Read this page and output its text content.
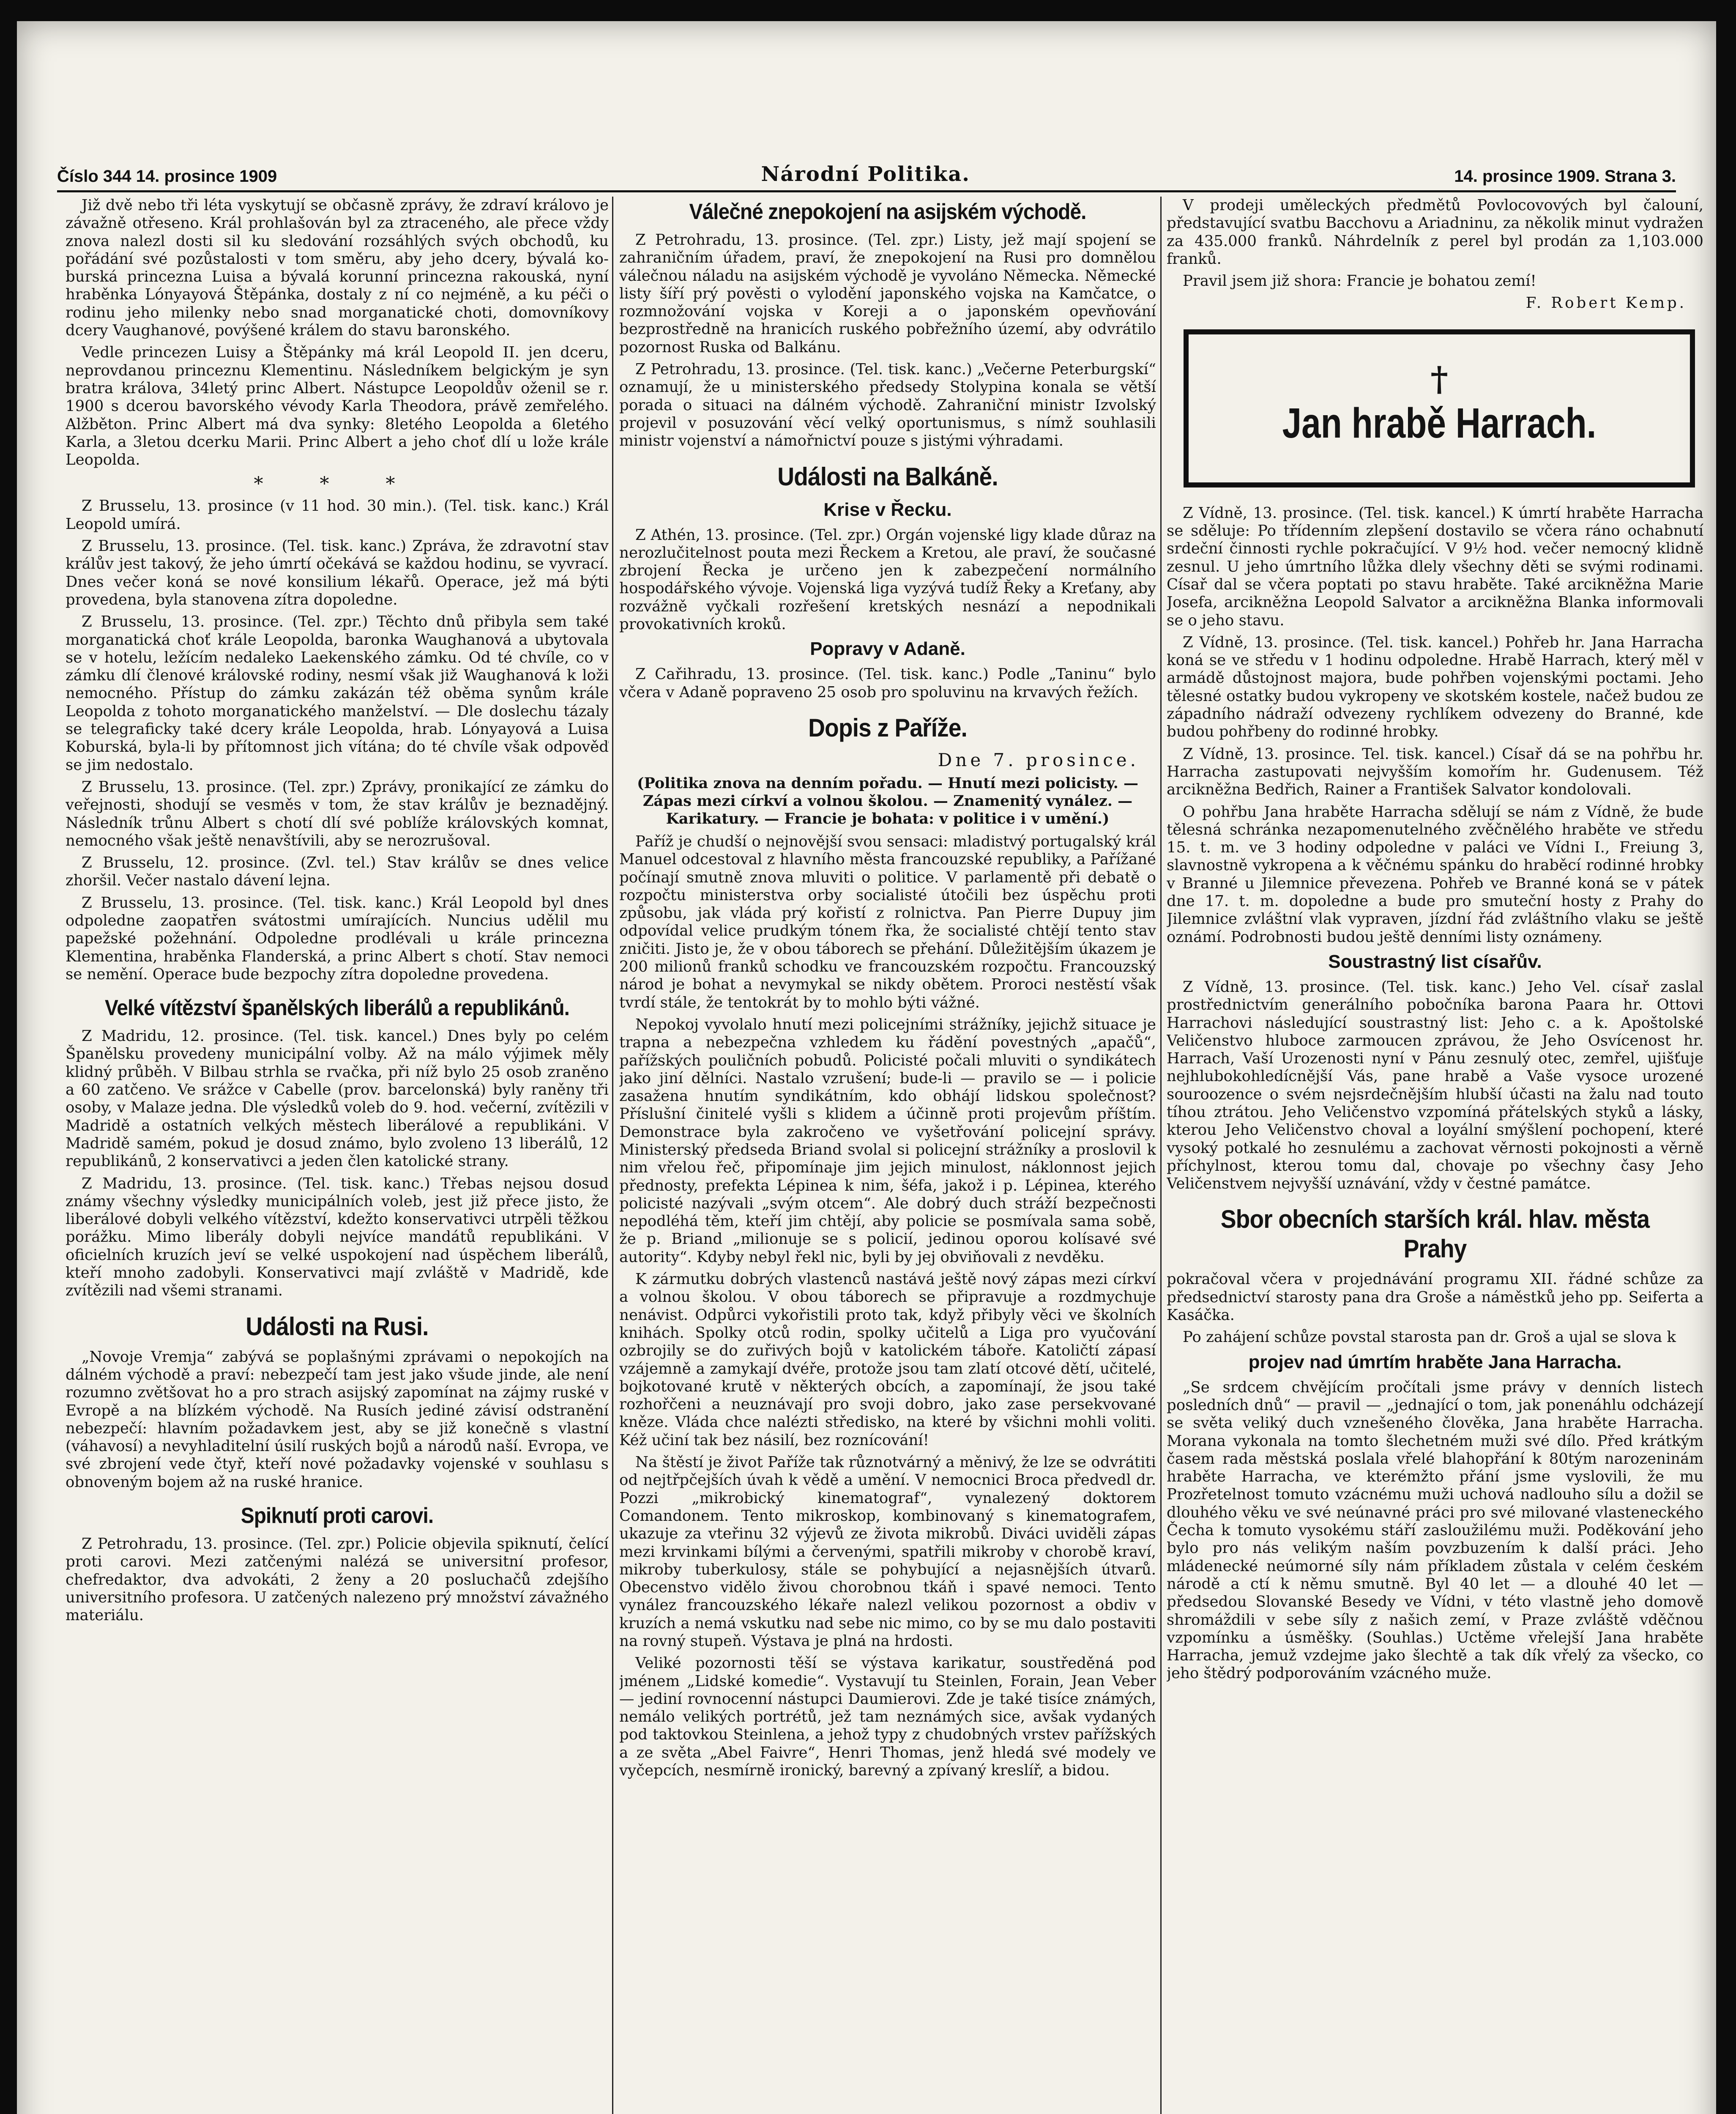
Číslo 344 14. prosince 1909	Národní Politika.	14. prosince 1909. Strana 3.

Již dvě nebo tři léta vyskytují se občasně zprávy, že zdraví královo je závažně otřeseno. Král prohlašován byl za ztraceného, ale přece vždy znova nalezl dosti sil ku sledování rozsáhlých svých obchodů, ku pořádání své pozůstalosti v tom směru, aby jeho dcery, bývalá koburská princezna Luisa a bývalá korunní princezna rakouská, nyní hraběnka Lónyayová Štěpánka, dostaly z ní co nejméně, a ku péči o rodinu jeho milenky nebo snad morganatické choti, domovníkovy dcery Vaughanové, povýšené králem do stavu baronského.

Vedle princezen Luisy a Štěpánky má král Leopold II. jen dceru, neprovdanou princeznu Klementinu. Následníkem belgickým je syn bratra králova, 34letý princ Albert. Nástupce Leopoldův oženil se r. 1900 s dcerou bavorského vévody Karla Theodora, právě zemřelého. Alžběton. Princ Albert má dva synky: 8letého Leopolda a 6letého Karla, a 3letou dcerku Marii. Princ Albert a jeho choť dlí u lože krále Leopolda.

* * *

Z Brusselu, 13. prosince (v 11 hod. 30 min.). (Tel. tisk. kanc.) Král Leopold umírá.

Z Brusselu, 13. prosince. (Tel. tisk. kanc.) Zpráva, že zdravotní stav králův jest takový, že jeho úmrtí očekává se každou hodinu, se vyvrací. Dnes večer koná se nové konsilium lékařů. Operace, jež má býti provedena, byla stanovena zítra dopoledne.

Z Brusselu, 13. prosince. (Tel. zpr.) Těchto dnů přibyla sem také morganatická choť krále Leopolda, baronka Waughanová a ubytovala se v hotelu, ležícím nedaleko Laekenského zámku. Od té chvíle, co v zámku dlí členové královské rodiny, nesmí však již Waughanová k loži nemocného. Přístup do zámku zakázán též oběma synům krále Leopolda z tohoto morganatického manželství. — Dle doslechu tázaly se telegraficky také dcery krále Leopolda, hrab. Lónyayová a Luisa Koburská, byla-li by přítomnost jich vítána; do té chvíle však odpověď se jim nedostalo.

Z Brusselu, 13. prosince. (Tel. zpr.) Zprávy, pronikající ze zámku do veřejnosti, shodují se vesměs v tom, že stav králův je beznadějný. Následník trůnu Albert s chotí dlí své poblíže královských komnat, nemocného však ještě nenavštívili, aby se nerozrušoval.

Z Brusselu, 12. prosince. (Zvl. tel.) Stav králův se dnes velice zhoršil. Večer nastalo dávení lejna.

Z Brusselu, 13. prosince. (Tel. tisk. kanc.) Král Leopold byl dnes odpoledne zaopatřen svátostmi umírajících. Nuncius udělil mu papežské požehnání. Odpoledne prodlévali u krále princezna Klementina, hraběnka Flanderská, a princ Albert s chotí. Stav nemoci se nemění. Operace bude bezpochy zítra dopoledne provedena.

Velké vítězství španělských liberálů a republikánů.

Z Madridu, 12. prosince. (Tel. tisk. kancel.) Dnes byly po celém Španělsku provedeny municipální volby. Až na málo výjimek měly klidný průběh. V Bilbau strhla se rvačka, při níž bylo 25 osob zraněno a 60 zatčeno. Ve srážce v Cabelle (prov. barcelonská) byly raněny tři osoby, v Malaze jedna. Dle výsledků voleb do 9. hod. večerní, zvítězili v Madridě a ostatních velkých městech liberálové a republikáni. V Madridě samém, pokud je dosud známo, bylo zvoleno 13 liberálů, 12 republikánů, 2 konservativci a jeden člen katolické strany.

Z Madridu, 13. prosince. (Tel. tisk. kanc.) Třebas nejsou dosud známy všechny výsledky municipálních voleb, jest již přece jisto, že liberálové dobyli velkého vítězství, kdežto konservativci utrpěli těžkou porážku. Mimo liberály dobyli nejvíce mandátů republikáni. V oficielních kruzích jeví se velké uspokojení nad úspěchem liberálů, kteří mnoho zadobyli. Konservativci mají zvláště v Madridě, kde zvítězili nad všemi stranami.

Události na Rusi.

„Novoje Vremja“ zabývá se poplašnými zprávami o nepokojích na dálném východě a praví: nebezpečí tam jest jako všude jinde, ale není rozumno zvětšovat ho a pro strach asijský zapomínat na zájmy ruské v Evropě a na blízkém východě. Na Rusích jediné závisí odstranění nebezpečí: hlavním požadavkem jest, aby se již konečně s vlastní (váhavosí) a nevyhladitelní úsilí ruských bojů a národů naší. Evropa, ve své zbrojení vede čtyř, kteří nové požadavky vojenské v souhlasu s obnoveným bojem až na ruské hranice.

Spiknutí proti carovi.

Z Petrohradu, 13. prosince. (Tel. zpr.) Policie objevila spiknutí, čelící proti carovi. Mezi zatčenými nalézá se universitní profesor, chefredaktor, dva advokáti, 2 ženy a 20 posluchačů zdejšího universitního profesora. U zatčených nalezeno prý množství závažného materiálu.

Válečné znepokojení na asijském východě.

Z Petrohradu, 13. prosince. (Tel. zpr.) Listy, jež mají spojení se zahraničním úřadem, praví, že znepokojení na Rusi pro domnělou válečnou náladu na asijském východě je vyvoláno Německa. Německé listy šíří prý pověsti o vylodění japonského vojska na Kamčatce, o rozmnožování vojska v Koreji a o japonském opevňování bezprostředně na hranicích ruského pobřežního území, aby odvrátilo pozornost Ruska od Balkánu.

Z Petrohradu, 13. prosince. (Tel. tisk. kanc.) „Večerne Peterburgskí“ oznamují, že u ministerského předsedy Stolypina konala se větší porada o situaci na dálném východě. Zahraniční ministr Izvolský projevil v posuzování věcí velký oportunismus, s nímž souhlasili ministr vojenství a námořnictví pouze s jistými výhradami.

Události na Balkáně.
Krise v Řecku.

Z Athén, 13. prosince. (Tel. zpr.) Orgán vojenské ligy klade důraz na nerozlučitelnost pouta mezi Řeckem a Kretou, ale praví, že současné zbrojení Řecka je určeno jen k zabezpečení normálního hospodářského vývoje. Vojenská liga vyzývá tudíž Řeky a Kreťany, aby rozvážně vyčkali rozřešení kretských nesnází a nepodnikali provokativních kroků.

Popravy v Adaně.

Z Cařihradu, 13. prosince. (Tel. tisk. kanc.) Podle „Taninu“ bylo včera v Adaně popraveno 25 osob pro spoluvinu na krvavých řežích.

Dopis z Paříže.
Dne 7. prosince.
(Politika znova na denním pořadu. — Hnutí mezi policisty. — Zápas mezi církví a volnou školou. — Znamenitý vynález. — Karikatury. — Francie je bohata: v politice i v umění.)

Paříž je chudší o nejnovější svou sensaci: mladistvý portugalský král Manuel odcestoval z hlavního města francouzské republiky, a Pařížané počínají smutně znova mluviti o politice. V parlamentě při debatě o rozpočtu ministerstva orby socialisté útočili bez úspěchu proti způsobu, jak vláda prý kořistí z rolnictva. Pan Pierre Dupuy jim odpovídal velice prudkým tónem řka, že socialisté chtějí tento stav zničiti. Jisto je, že v obou táborech se přehání. Důležitějším úkazem je 200 milionů franků schodku ve francouzském rozpočtu. Francouzský národ je bohat a nevymykal se nikdy obětem. Proroci nestěstí však tvrdí stále, že tentokrát by to mohlo býti vážné.

Nepokoj vyvolalo hnutí mezi policejními strážníky, jejichž situace je trapna a nebezpečna vzhledem ku řádění povestných „apačů“, pařížských pouličních pobudů. Policisté počali mluviti o syndikátech jako jiní dělníci. Nastalo vzrušení; bude-li — pravilo se — i policie zasažena hnutím syndikátním, kdo obhájí lidskou společnost? Příslušní činitelé vyšli s klidem a účinně proti projevům příštím. Demonstrace byla zakročeno ve vyšetřování policejní správy. Ministerský předseda Briand svolal si policejní strážníky a proslovil k nim vřelou řeč, připomínaje jim jejich minulost, náklonnost jejich přednosty, prefekta Lépinea k nim, šéfa, jakož i p. Lépinea, kterého policisté nazývali „svým otcem“. Ale dobrý duch stráží bezpečnosti nepodléhá těm, kteří jim chtějí, aby policie se posmívala sama sobě, že p. Briand „milionuje se s policií, jedinou oporou kolísavé své autority“. Kdyby nebyl řekl nic, byli by jej obviňovali z nevděku.

K zármutku dobrých vlastenců nastává ještě nový zápas mezi církví a volnou školou. V obou táborech se připravuje a rozdmychuje nenávist. Odpůrci vykořistili proto tak, když přibyly věci ve školních knihách. Spolky otců rodin, spolky učitelů a Liga pro vyučování ozbrojily se do zuřivých bojů v katolickém táboře. Katoličtí zápasí vzájemně a zamykají dvéře, protože jsou tam zlatí otcové dětí, učitelé, bojkotované krutě v některých obcích, a zapomínají, že jsou také rozhořčeni a neuznávají pro svoji dobro, jako zase persekvované kněze. Vláda chce nalézti středisko, na které by všichni mohli voliti. Kéž učiní tak bez násilí, bez roznícování!

Na štěstí je život Paříže tak různotvárný a měnivý, že lze se odvrátiti od nejtřpčejších úvah k vědě a umění. V nemocnici Broca předvedl dr. Pozzi „mikrobický kinematograf“, vynalezený doktorem Comandonem. Tento mikroskop, kombinovaný s kinematografem, ukazuje za vteřinu 32 výjevů ze života mikrobů. Diváci uviděli zápas mezi krvinkami bílými a červenými, spatřili mikroby v chorobě kraví, mikroby tuberkulosy, stále se pohybující a nejasnějších útvarů. Obecenstvo vidělo živou chorobnou tkáň i spavé nemoci. Tento vynález francouzského lékaře nalezl velikou pozornost a obdiv v kruzích a nemá vskutku nad sebe nic mimo, co by se mu dalo postaviti na rovný stupeň. Výstava je plná na hrdosti.

Veliké pozornosti těší se výstava karikatur, soustředěná pod jménem „Lidské komedie“. Vystavují tu Steinlen, Forain, Jean Veber — jediní rovnocenní nástupci Daumierovi. Zde je také tisíce známých, nemálo velikých portrétů, jež tam neznámých sice, avšak vydaných pod taktovkou Steinlena, a jehož typy z chudobných vrstev pařížských a ze světa „Abel Faivre“, Henri Thomas, jenž hledá své modely ve vyčepcích, nesmírně ironický, barevný a zpívaný kreslíř, a bidou.

V prodeji uměleckých předmětů Povlocovových byl čalouní, představující svatbu Bacchovu a Ariadninu, za několik minut vydražen za 435.000 franků. Náhrdelník z perel byl prodán za 1,103.000 franků.

Pravil jsem již shora: Francie je bohatou zemí!

F. Robert Kemp.

†
Jan hrabě Harrach.

Z Vídně, 13. prosince. (Tel. tisk. kancel.) K úmrtí hraběte Harracha se sděluje: Po třídenním zlepšení dostavilo se včera ráno ochabnutí srdeční činnosti rychle pokračující. V 9½ hod. večer nemocný klidně zesnul. U jeho úmrtního lůžka dlely všechny děti se svými rodinami. Císař dal se včera poptati po stavu hraběte. Také arcikněžna Marie Josefa, arcikněžna Leopold Salvator a arcikněžna Blanka informovali se o jeho stavu.

Z Vídně, 13. prosince. (Tel. tisk. kancel.) Pohřeb hr. Jana Harracha koná se ve středu v 1 hodinu odpoledne. Hrabě Harrach, který měl v armádě důstojnost majora, bude pohřben vojenskými poctami. Jeho tělesné ostatky budou vykropeny ve skotském kostele, načež budou ze západního nádraží odvezeny rychlíkem odvezeny do Branné, kde budou pohřbeny do rodinné hrobky.

Z Vídně, 13. prosince. Tel. tisk. kancel.) Císař dá se na pohřbu hr. Harracha zastupovati nejvyšším komořím hr. Gudenusem. Též arcikněžna Bedřich, Rainer a František Salvator kondolovali.

O pohřbu Jana hraběte Harracha sdělují se nám z Vídně, že bude tělesná schránka nezapomenutelného zvěčnělého hraběte ve středu 15. t. m. ve 3 hodiny odpoledne v paláci ve Vídni I., Freiung 3, slavnostně vykropena a k věčnému spánku do hraběcí rodinné hrobky v Branné u Jilemnice převezena. Pohřeb ve Branné koná se v pátek dne 17. t. m. dopoledne a bude pro smuteční hosty z Prahy do Jilemnice zvláštní vlak vypraven, jízdní řád zvláštního vlaku se ještě oznámí. Podrobnosti budou ještě denními listy oznámeny.

Soustrastný list císařův.

Z Vídně, 13. prosince. (Tel. tisk. kanc.) Jeho Vel. císař zaslal prostřednictvím generálního pobočníka barona Paara hr. Ottovi Harrachovi následující soustrastný list: Jeho c. a k. Apoštolské Veličenstvo hluboce zarmoucen zprávou, že Jeho Osvícenost hr. Harrach, Vaší Urozenosti nyní v Pánu zesnulý otec, zemřel, ujišťuje nejhlubokohledícnější Vás, pane hrabě a Vaše vysoce urozené souroozence o svém nejsrdečnějším hlubší účasti na žalu nad touto tíhou ztrátou. Jeho Veličenstvo vzpomíná přátelských styků a lásky, kterou Jeho Veličenstvo choval a loyální smýšlení pochopení, které vysoký potkalé ho zesnulému a zachovat věrnosti pokojnosti a věrně příchylnost, kterou tomu dal, chovaje po všechny časy Jeho Veličenstvem nejvyšší uznávání, vždy v čestné památce.

Sbor obecních starších král. hlav. města Prahy

pokračoval včera v projednávání programu XII. řádné schůze za předsednictví starosty pana dra Groše a náměstků jeho pp. Seiferta a Kasáčka.

Po zahájení schůze povstal starosta pan dr. Groš a ujal se slova k

projev nad úmrtím hraběte Jana Harracha.

„Se srdcem chvějícím pročítali jsme právy v denních listech posledních dnů“ — pravil — „jednající o tom, jak ponenáhlu odcházejí se světa veliký duch vznešeného člověka, Jana hraběte Harracha. Morana vykonala na tomto šlechetném muži své dílo. Před krátkým časem rada městská poslala vřelé blahopřání k 80tým narozeninám hraběte Harracha, ve kterémžto přání jsme vyslovili, že mu Prozřetelnost tomuto vzácnému muži uchová nadlouho sílu a dožil se dlouhého věku ve své neúnavné práci pro své milované vlasteneckého Čecha k tomuto vysokému stáří zasloužilému muži. Poděkování jeho bylo pro nás velikým naším povzbuzením k další práci. Jeho mládenecké neúmorné síly nám příkladem zůstala v celém českém národě a ctí k němu smutně. Byl 40 let — a dlouhé 40 let — předsedou Slovanské Besedy ve Vídni, v této vlastně jeho domově shromáždili v sebe síly z našich zemí, v Praze zvláště vděčnou vzpomínku a úsměšky. (Souhlas.) Uctěme vřelejší Jana hraběte Harracha, jemuž vzdejme jako šlechtě a tak dík vřelý za všecko, co jeho štědrý podporováním vzácného muže.
